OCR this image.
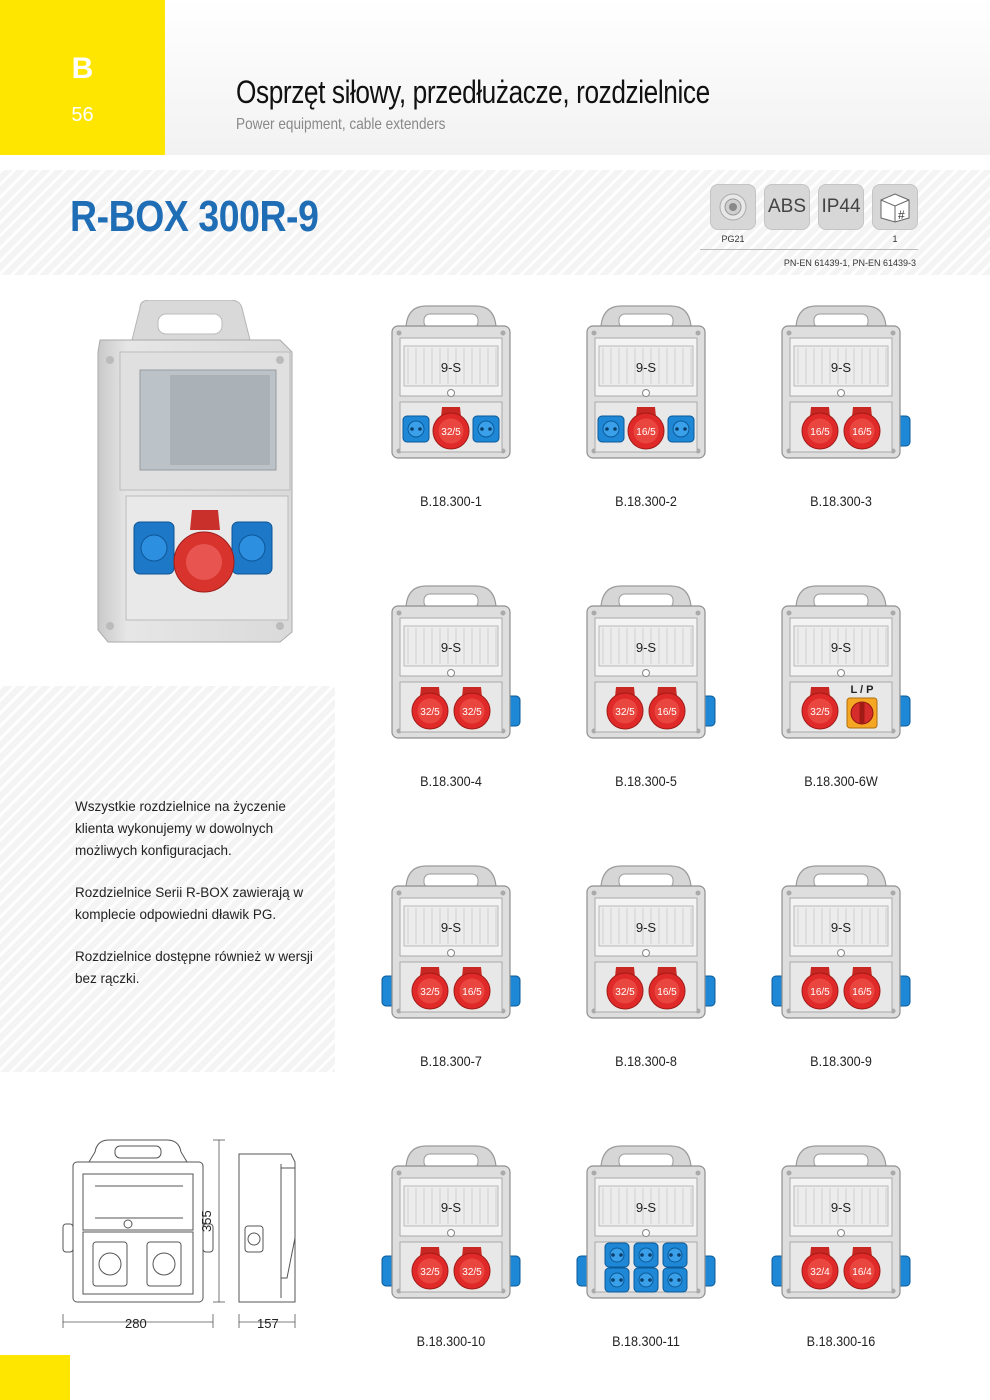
B
56
Osprzęt siłowy, przedłużacze, rozdzielnice
Power equipment, cable extenders
R-BOX 300R-9	PG21
ABS IP44	#
1
PN-EN 61439-1, PN-EN 61439-3

Wszystkie rozdzielnice na życzenie klienta wykonujemy w dowolnych możliwych konfiguracjach.

Rozdzielnice Serii R-BOX zawierają w komplecie odpowiedni dławik PG.

Rozdzielnice dostępne również w wersji bez rączki.

9-S
32/5
B.18.300-1
9-S
16/5
B.18.300-2
9-S
16/5 16/5
B.18.300-3
9-S
32/5 32/5
B.18.300-4
9-S
32/5 16/5
B.18.300-5
9-S
32/5
L / P
B.18.300-6W
9-S
32/5 16/5
B.18.300-7
9-S
32/5 16/5
B.18.300-8
9-S
16/5 16/5
B.18.300-9
9-S
32/5 32/5
B.18.300-10
9-S
B.18.300-11
9-S
32/4 16/4
B.18.300-16
280
355
157
